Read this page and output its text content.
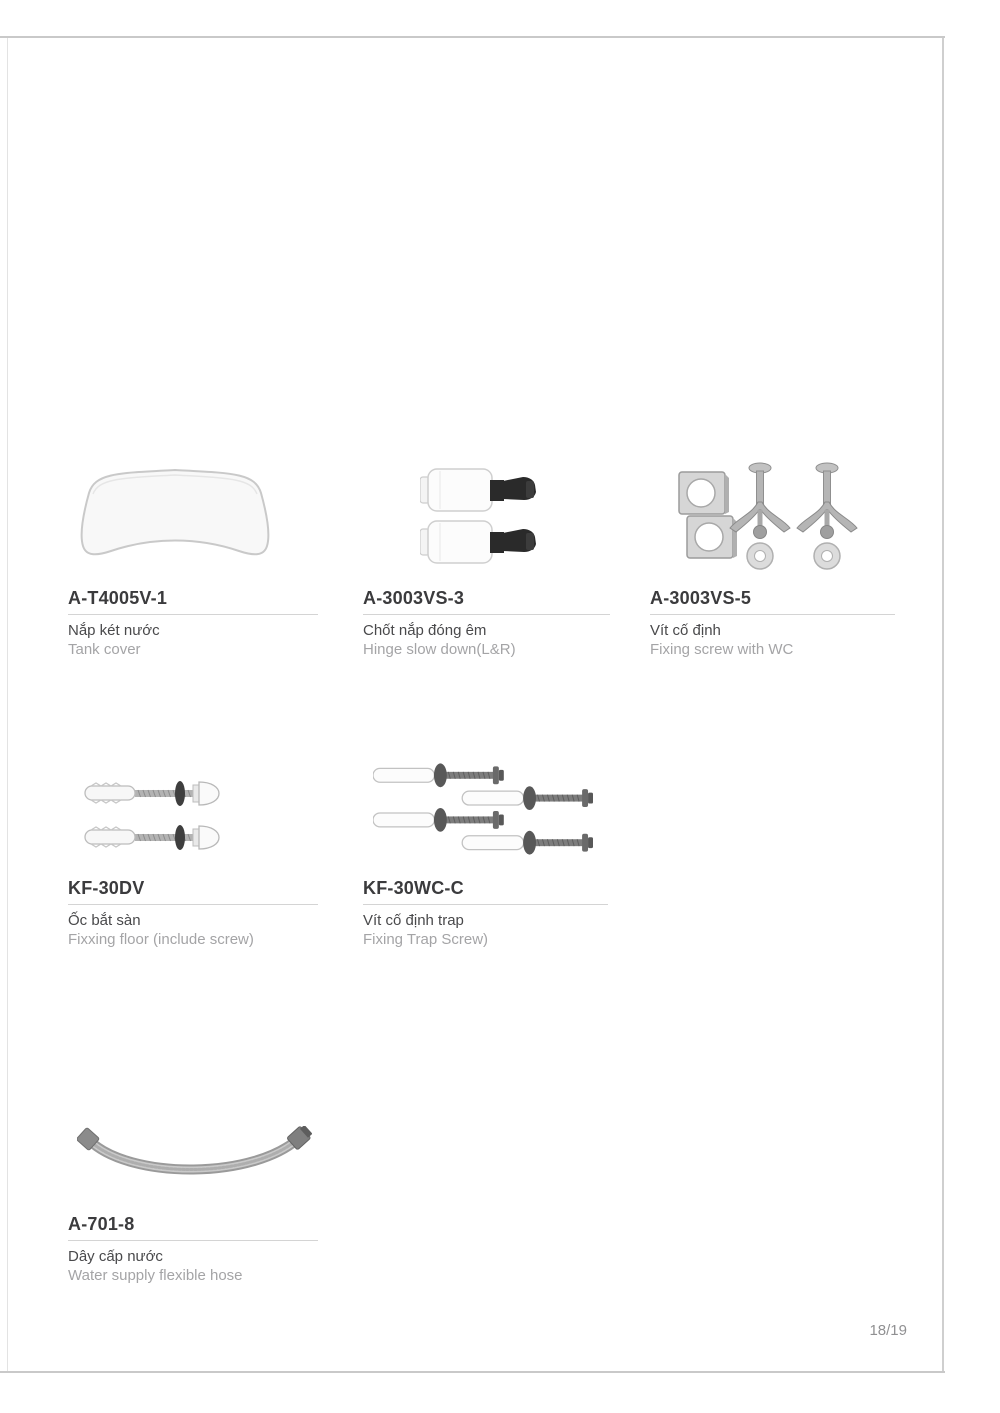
A-T4005V-1
Nắp két nước
Tank cover
A-3003VS-3
Chốt nắp đóng êm
Hinge slow down(L&R)
A-3003VS-5
Vít cố định
Fixing screw with WC
KF-30DV
Ốc bắt sàn
Fixxing floor (include screw)
KF-30WC-C
Vít cố định trap
Fixing Trap Screw)
A-701-8
Dây cấp nước
Water supply flexible hose
18/19
